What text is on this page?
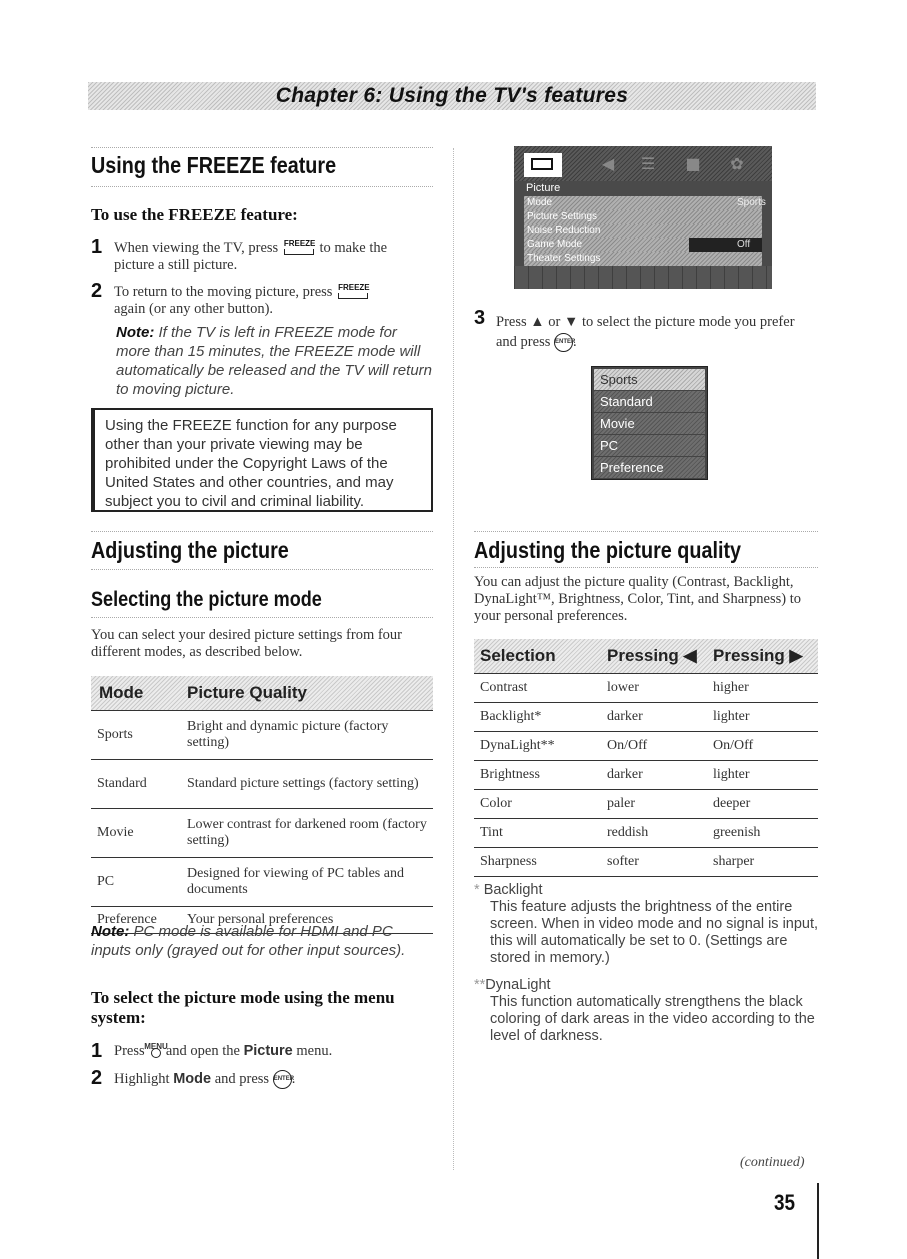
Chapter 6: Using the TV's features
Using the FREEZE feature
To use the FREEZE feature:
1 When viewing the TV, press FREEZE to make the
picture a still picture.
2 To return to the moving picture, press FREEZE

again (or any other button).
Note: If the TV is left in FREEZE mode for more than 15 minutes, the FREEZE mode will automatically be released and the TV will return to moving picture.
Using the FREEZE function for any purpose other than your private viewing may be prohibited under the Copyright Laws of the United States and other countries, and may subject you to civil and criminal liability.
Adjusting the picture
Selecting the picture mode
You can select your desired picture settings from four different modes, as described below.
Mode	Picture Quality
Sports	Bright and dynamic picture (factory setting)
Standard	Standard picture settings (factory setting)
Movie	Lower contrast for darkened room (factory setting)
PC	Designed for viewing of PC tables and documents
Preference	Your personal preferences
Note: PC mode is available for HDMI and PC inputs only (grayed out for other input sources).
To select the picture mode using the menu system:
1 Press MENU
and open the Picture menu.
2 Highlight Mode and press ENTER.
◀ ☰ ■ ✿
Picture
Mode	Sports
Picture Settings
Noise Reduction
Game Mode	Off
Theater Settings
3 Press ▲ or ▼ to select the picture mode you prefer and press ENTER.
Sports
Standard
Movie
PC
Preference
Adjusting the picture quality
You can adjust the picture quality (Contrast, Backlight, DynaLight™, Brightness, Color, Tint, and Sharpness) to your personal preferences.
Selection	Pressing ◀	Pressing ▶
Contrast	lower	higher
Backlight*	darker	lighter
DynaLight**	On/Off	On/Off
Brightness	darker	lighter
Color	paler	deeper
Tint	reddish	greenish
Sharpness	softer	sharper
* Backlight
This feature adjusts the brightness of the entire screen. When in video mode and no signal is input, this will automatically be set to 0. (Settings are stored in memory.)
**DynaLight
This function automatically strengthens the black coloring of dark areas in the video according to the level of darkness.
(continued)
35
